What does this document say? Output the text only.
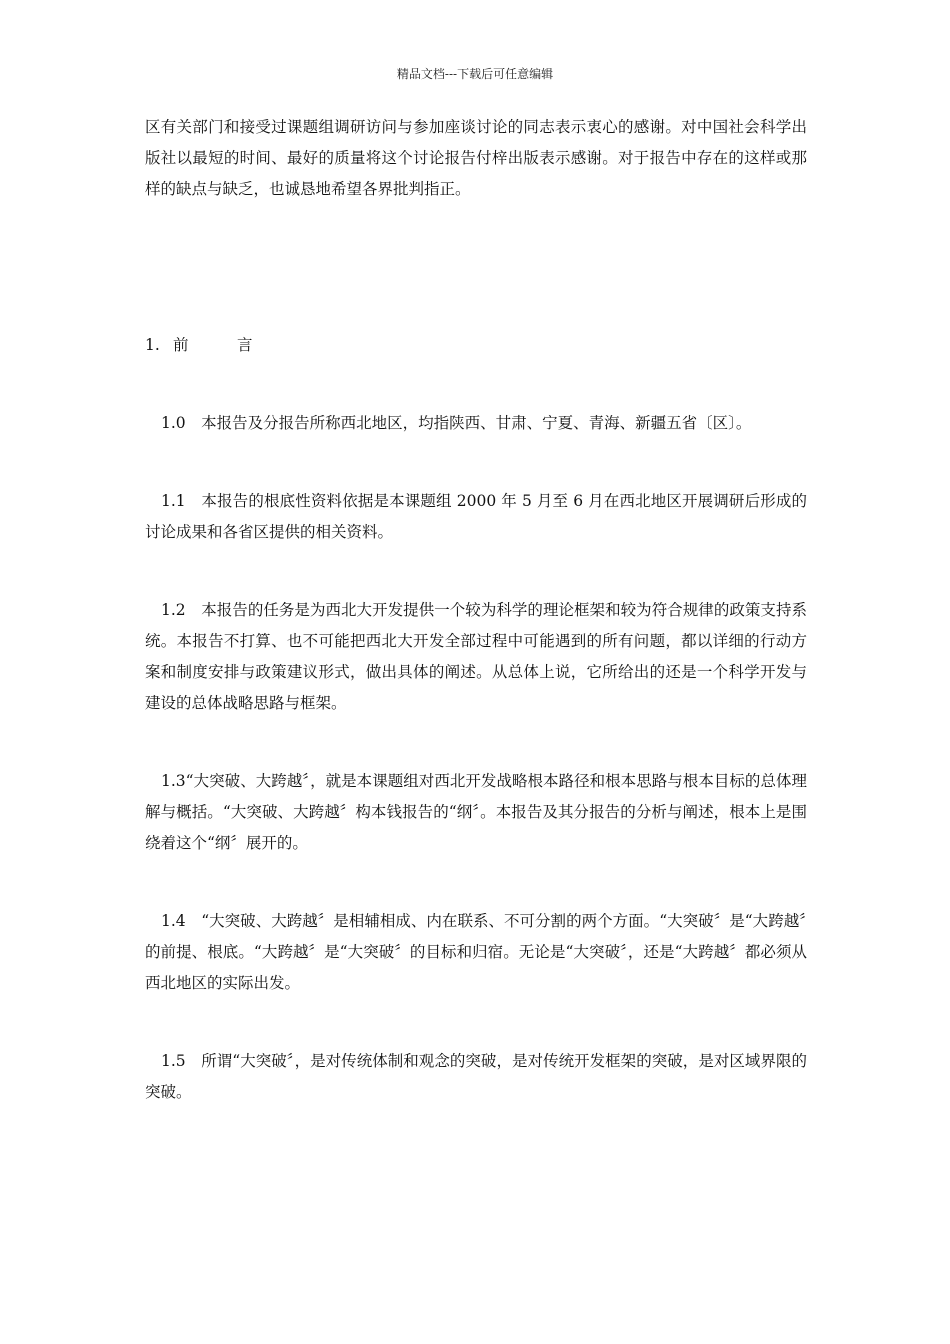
精品文档---下载后可任意编辑

区有关部门和接受过课题组调研访问与参加座谈讨论的同志表示衷心的感谢。对中国社会科学出版社以最短的时间、最好的质量将这个讨论报告付梓出版表示感谢。对于报告中存在的这样或那样的缺点与缺乏，也诚恳地希望各界批判指正。

1. 前	言

1.0　本报告及分报告所称西北地区，均指陕西、甘肃、宁夏、青海、新疆五省〔区〕。

1.1　本报告的根底性资料依据是本课题组 2000 年 5 月至 6 月在西北地区开展调研后形成的讨论成果和各省区提供的相关资料。

1.2　本报告的任务是为西北大开发提供一个较为科学的理论框架和较为符合规律的政策支持系统。本报告不打算、也不可能把西北大开发全部过程中可能遇到的所有问题，都以详细的行动方案和制度安排与政策建议形式，做出具体的阐述。从总体上说，它所给出的还是一个科学开发与建设的总体战略思路与框架。

1.3“大突破、大跨越〞，就是本课题组对西北开发战略根本路径和根本思路与根本目标的总体理解与概括。“大突破、大跨越〞构本钱报告的“纲〞。本报告及其分报告的分析与阐述，根本上是围绕着这个“纲〞展开的。

1.4　“大突破、大跨越〞是相辅相成、内在联系、不可分割的两个方面。“大突破〞是“大跨越〞的前提、根底。“大跨越〞是“大突破〞的目标和归宿。无论是“大突破〞，还是“大跨越〞都必须从西北地区的实际出发。

1.5　所谓“大突破〞，是对传统体制和观念的突破，是对传统开发框架的突破，是对区域界限的突破。
